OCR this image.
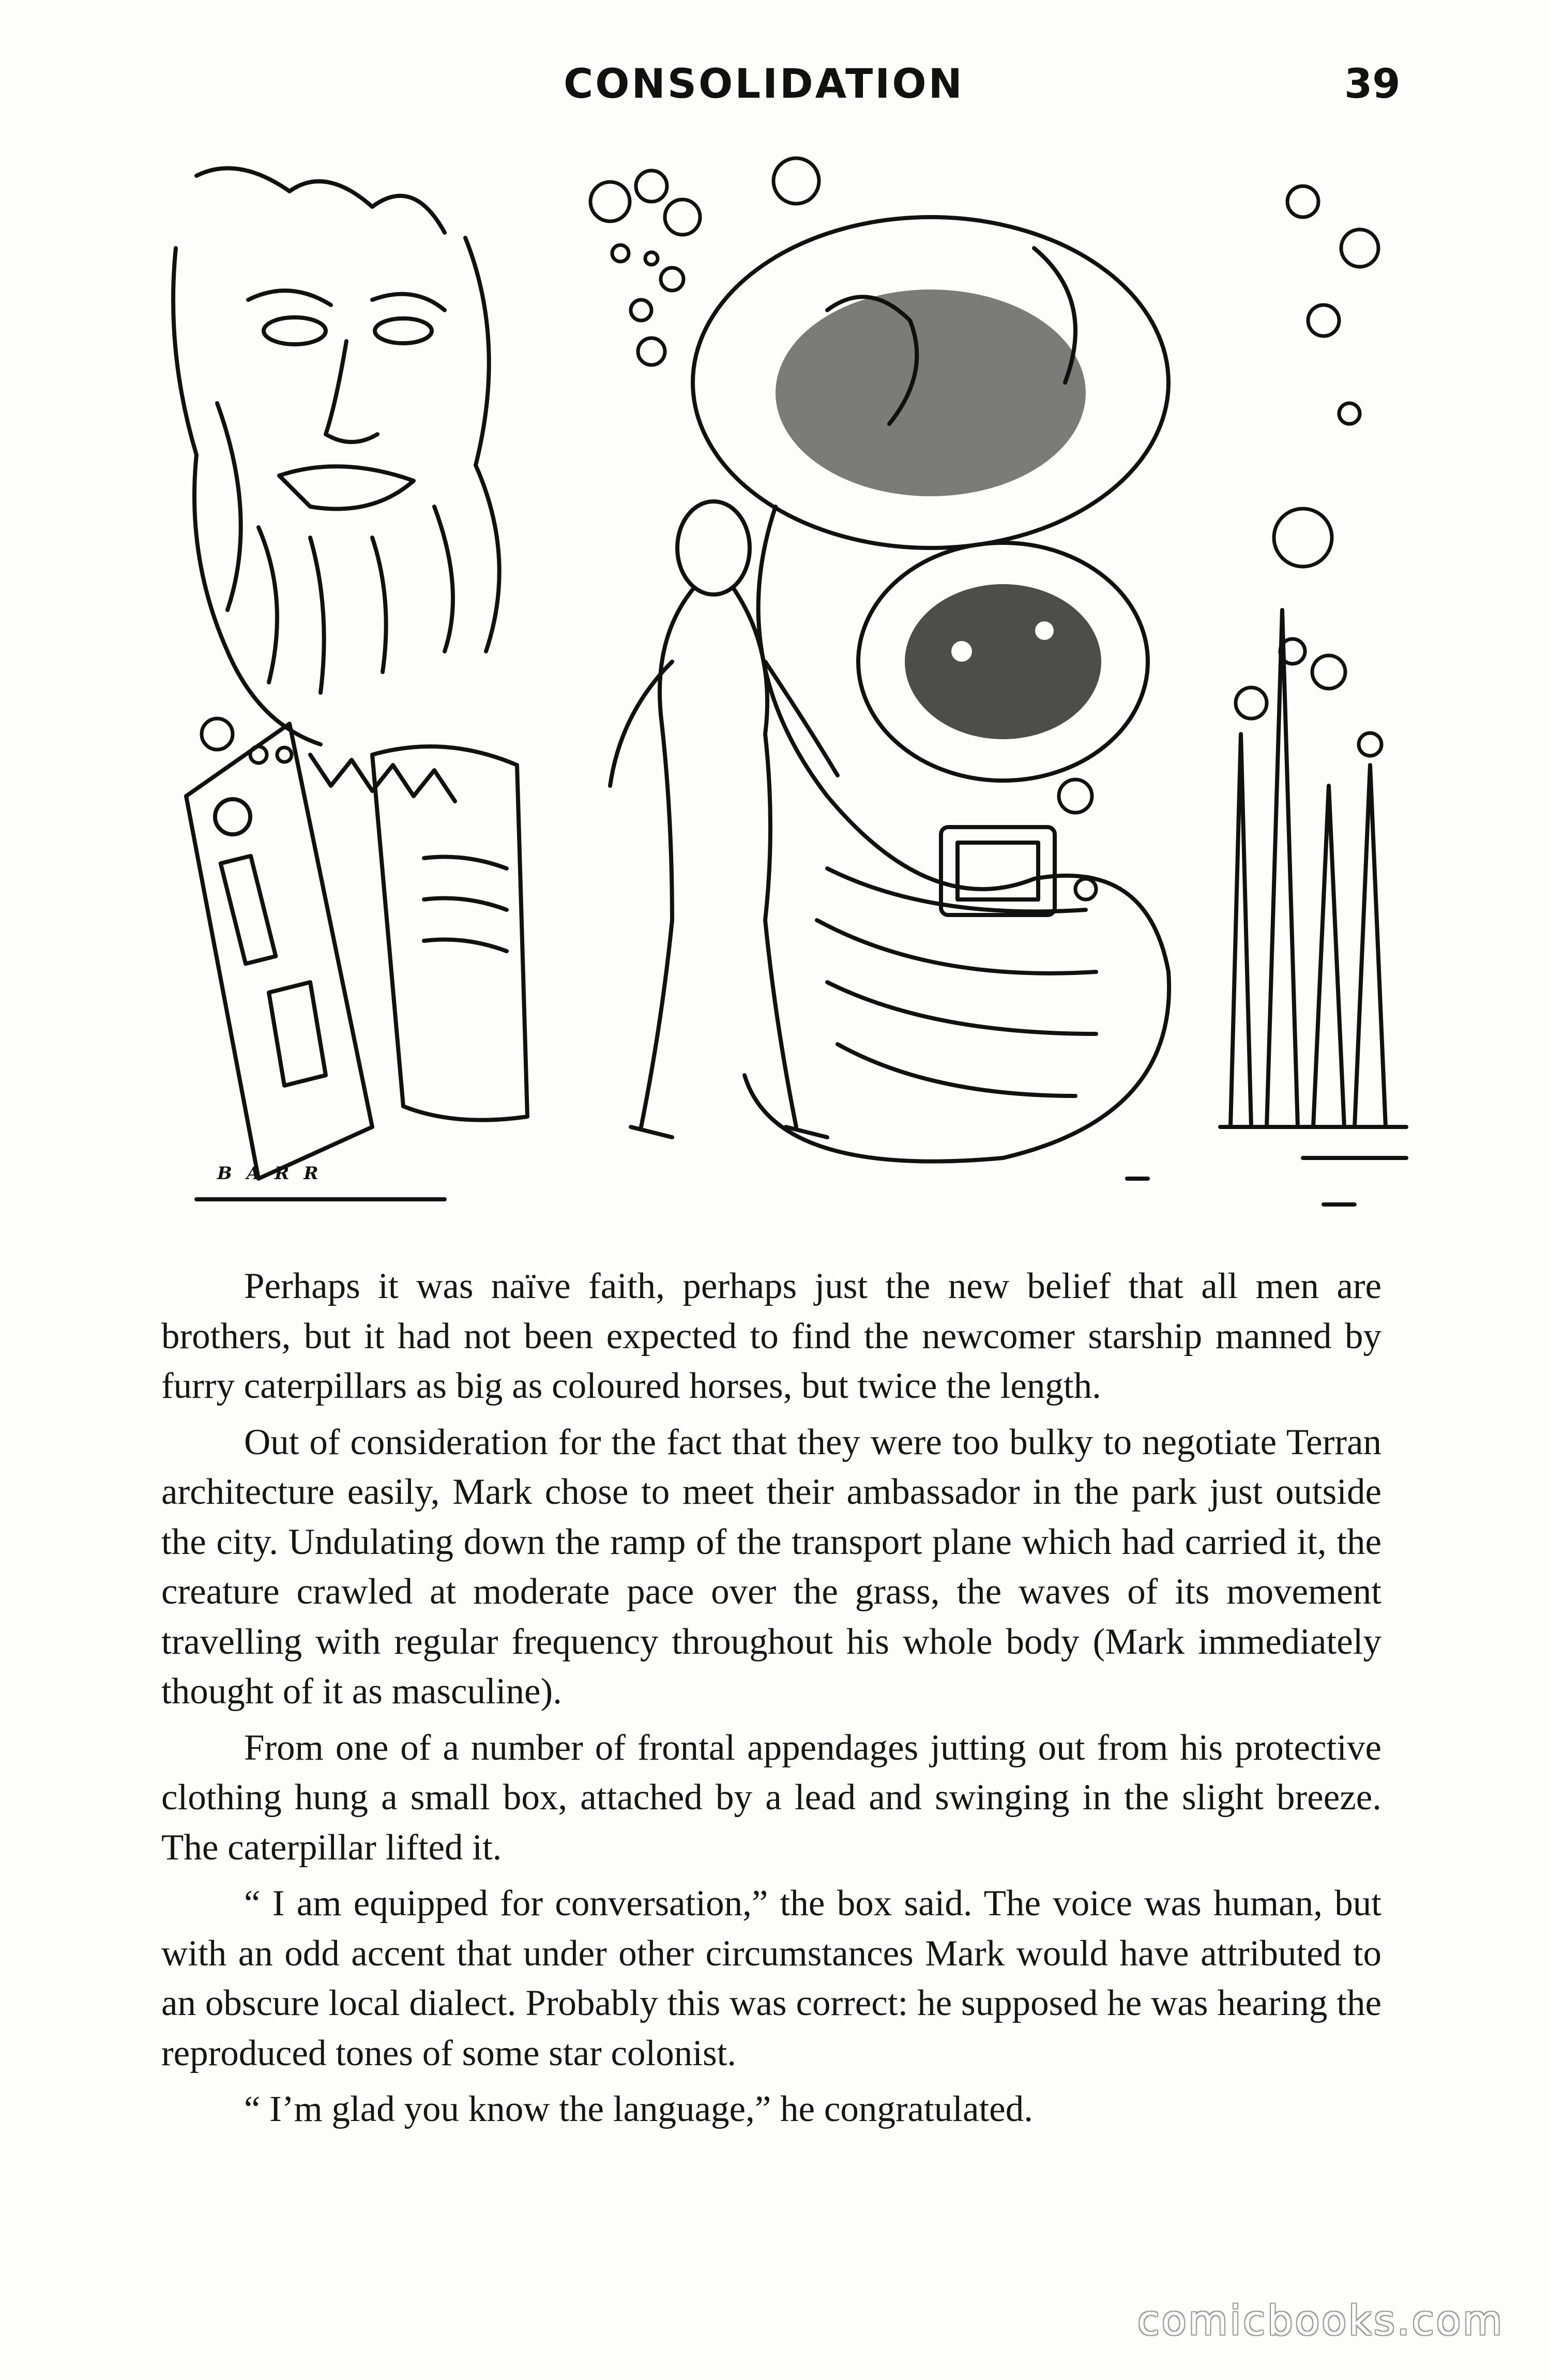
CONSOLIDATION	39
BARR

Perhaps it was naïve faith, perhaps just the new belief that all men are brothers, but it had not been expected to find the newcomer starship manned by furry caterpillars as big as coloured horses, but twice the length.

Out of consideration for the fact that they were too bulky to negotiate Terran architecture easily, Mark chose to meet their ambassador in the park just outside the city. Undulating down the ramp of the transport plane which had carried it, the creature crawled at moderate pace over the grass, the waves of its movement travelling with regular frequency throughout his whole body (Mark immediately thought of it as masculine).

From one of a number of frontal appendages jutting out from his protective clothing hung a small box, attached by a lead and swinging in the slight breeze. The caterpillar lifted it.

“ I am equipped for conversation,” the box said. The voice was human, but with an odd accent that under other circumstances Mark would have attributed to an obscure local dialect. Probably this was correct: he supposed he was hearing the reproduced tones of some star colonist.

“ I’m glad you know the language,” he congratulated.

comicbooks.com
